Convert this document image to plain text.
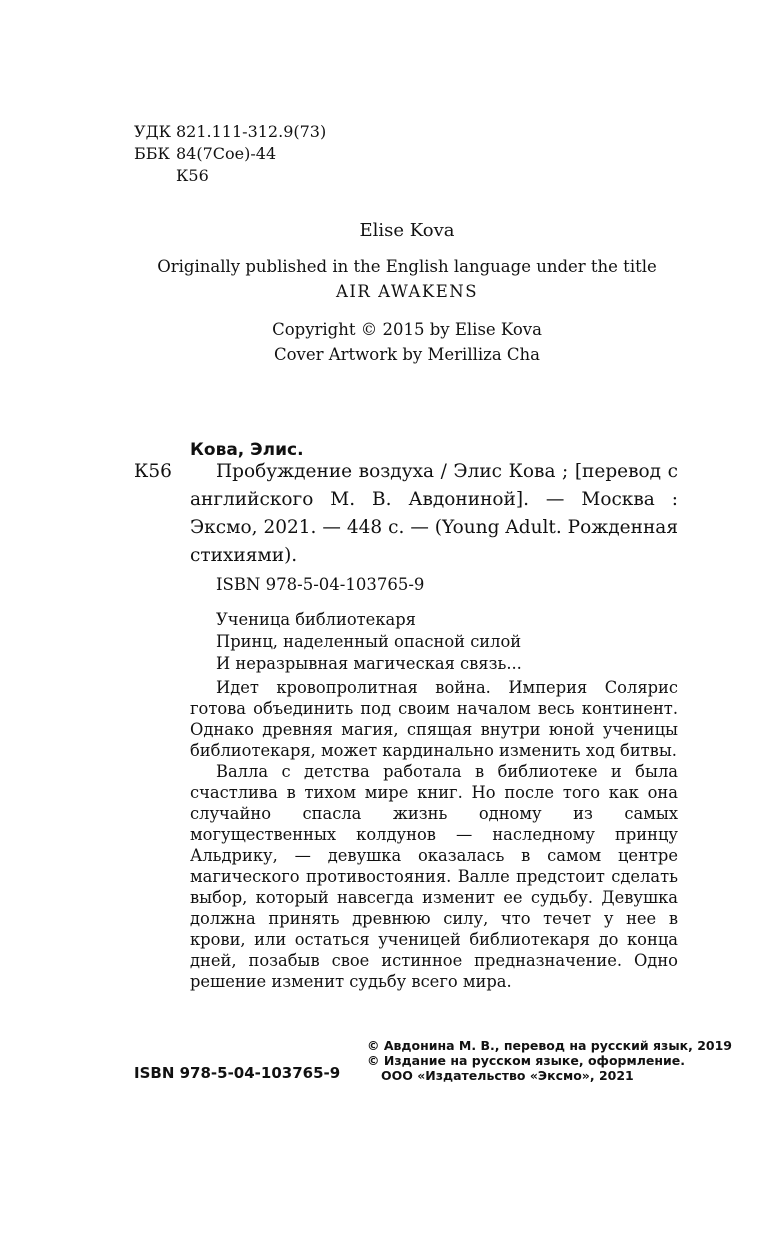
УДК 821.111-312.9(73)
ББК 84(7Сое)-44
К56
Elise Kova
Originally published in the English language under the title
AIR AWAKENS
Copyright © 2015 by Elise Kova
Cover Artwork by Merilliza Cha
Кова, Элис.
К56	Пробуждение воздуха / Элис Кова ; [перевод с английского М. В. Авдониной]. — Москва : Эксмо, 2021. — 448 с. — (Young Adult. Рожденная стихиями).
ISBN 978-5-04-103765-9
Ученица библиотекаря
Принц, наделенный опасной силой
И неразрывная магическая связь...

Идет кровопролитная война. Империя Солярис готова объединить под своим началом весь континент. Однако древняя магия, спящая внутри юной ученицы библиотекаря, может кардинально изменить ход битвы.

Валла с детства работала в библиотеке и была счастлива в тихом мире книг. Но после того как она случайно спасла жизнь одному из самых могущественных колдунов — наследному принцу Альдрику, — девушка оказалась в самом центре магического противостояния. Валле предстоит сделать выбор, который навсегда изменит ее судьбу. Девушка должна принять древнюю силу, что течет у нее в крови, или остаться ученицей библиотекаря до конца дней, позабыв свое истинное предназначение. Одно решение изменит судьбу всего мира.

ISBN 978-5-04-103765-9
© Авдонина М. В., перевод на русский язык, 2019
© Издание на русском языке, оформление.
ООО «Издательство «Эксмо», 2021
